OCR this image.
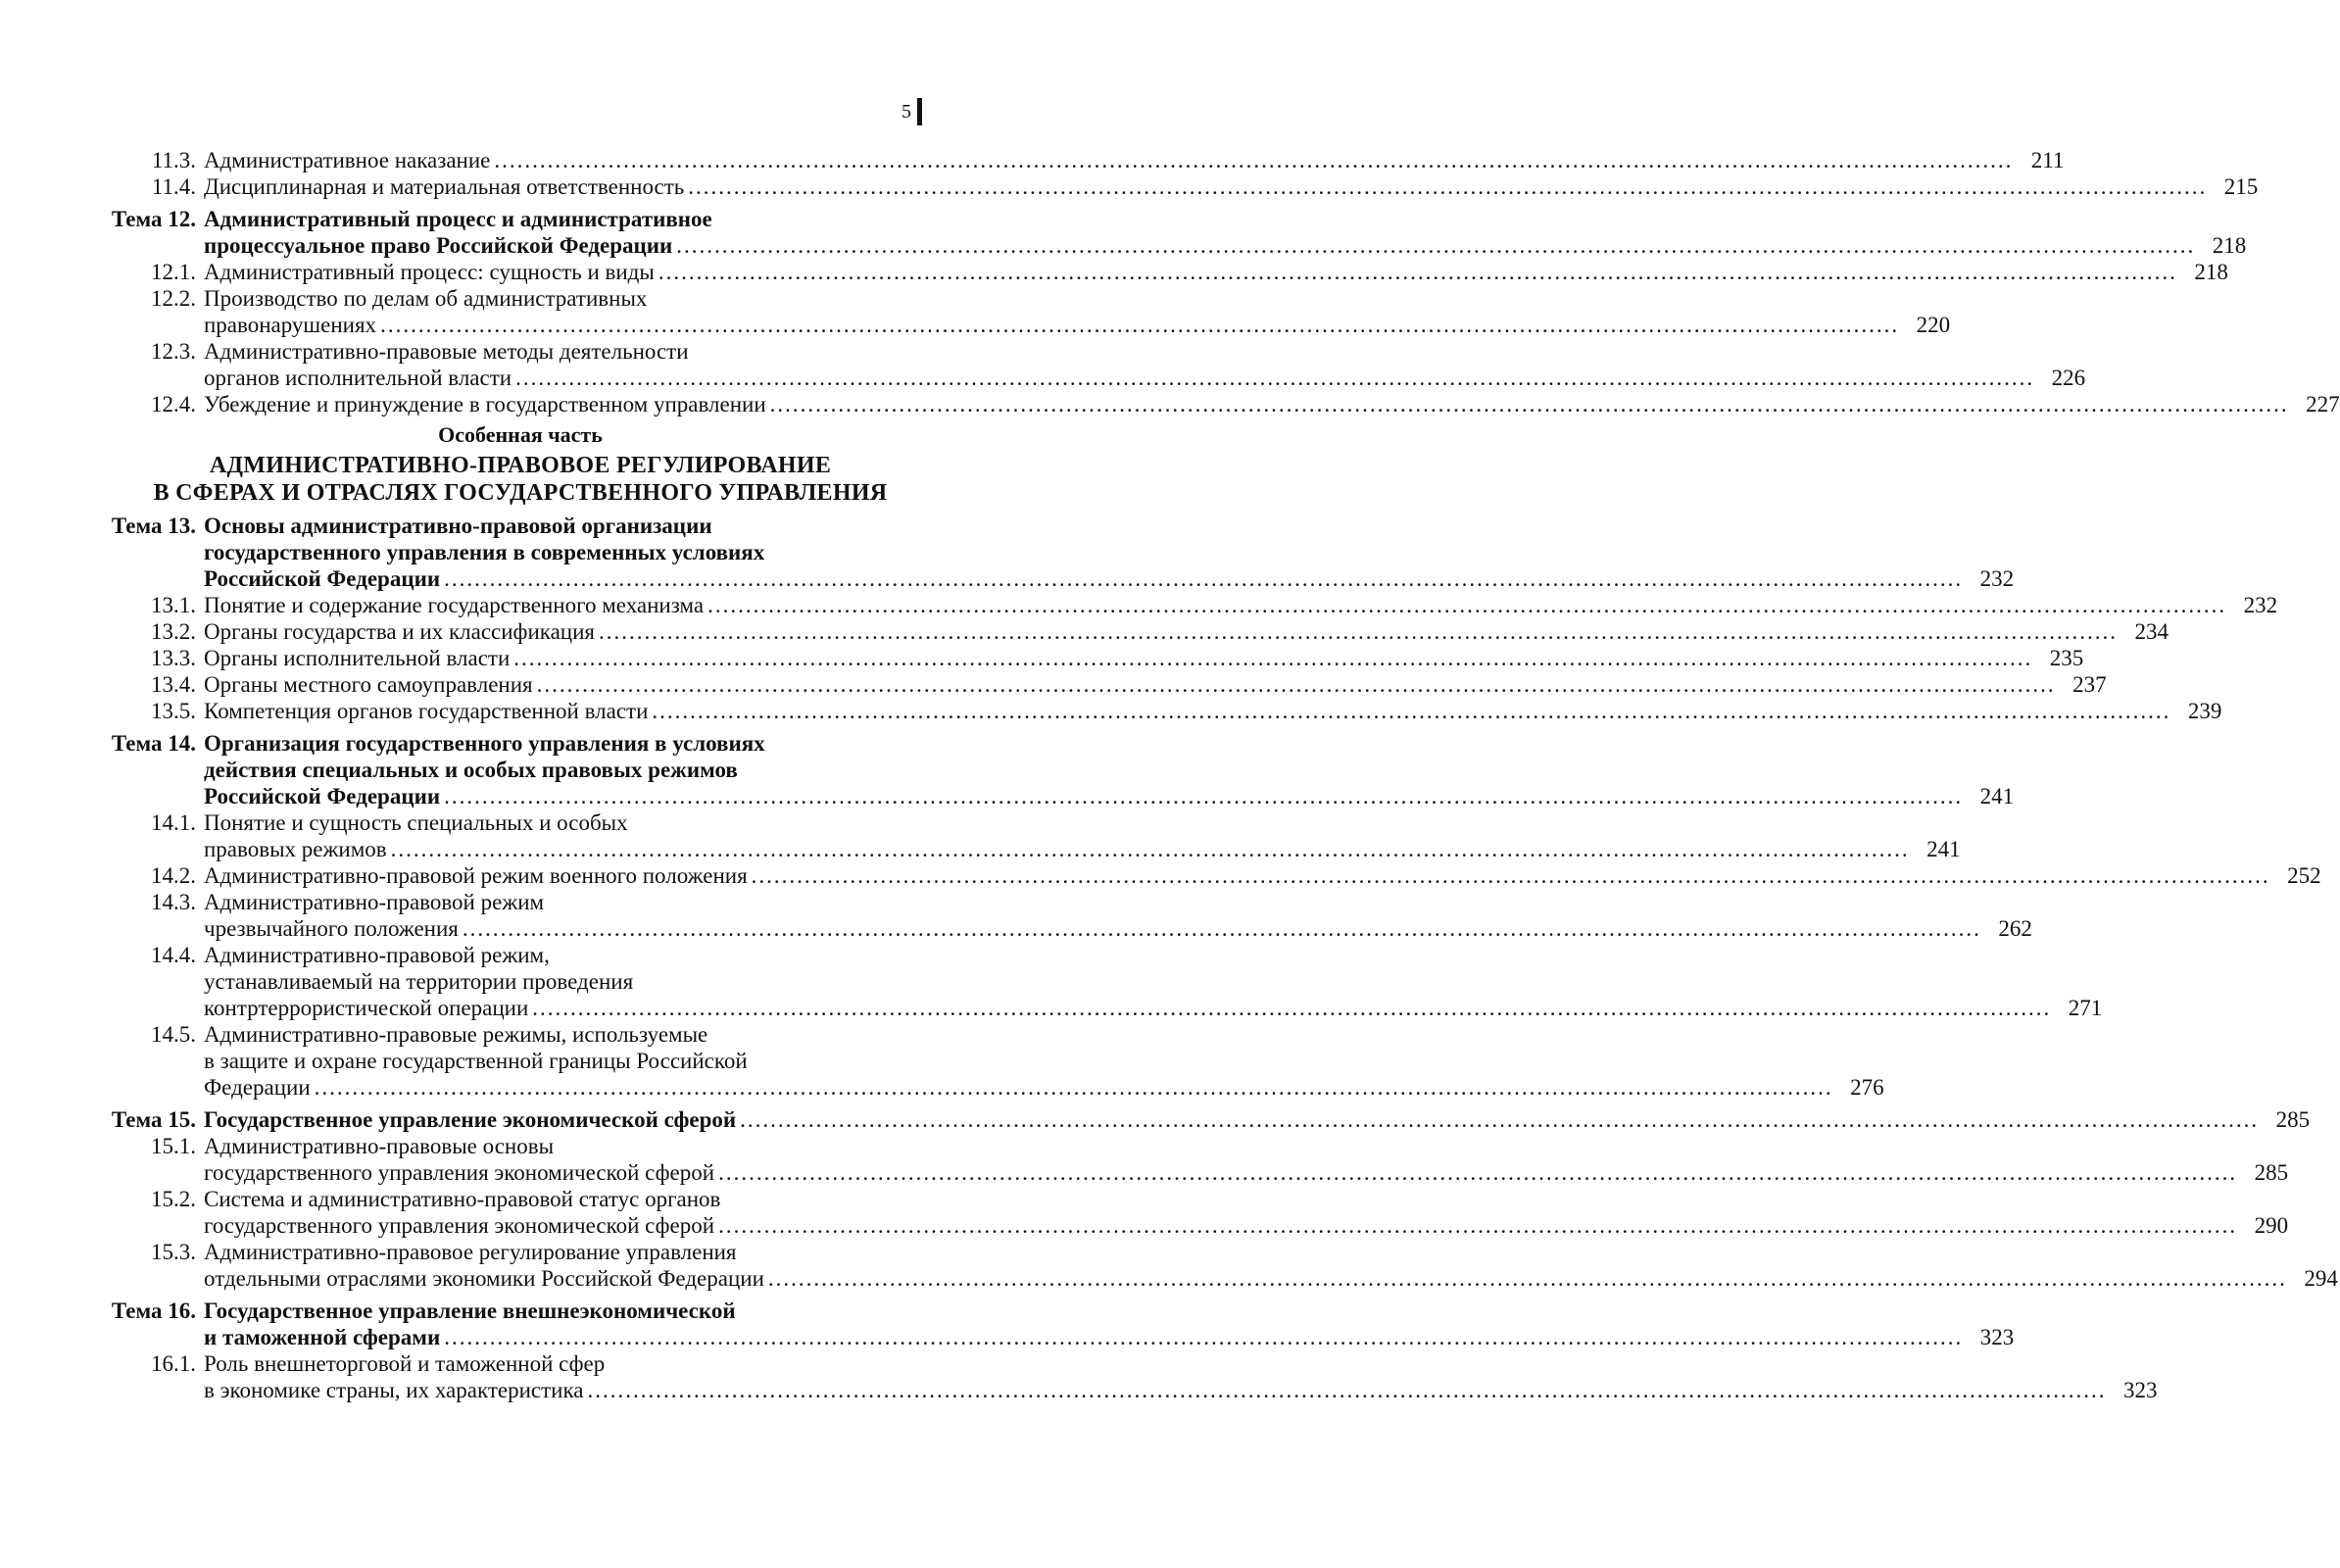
5
11.3. Административное наказание ........................................................................................................................................................................................................ 211
11.4. Дисциплинарная и материальная ответственность ........................................................................................................................................................................................................ 215
Тема 12. Административный процесс и административное
процессуальное право Российской Федерации ........................................................................................................................................................................................................ 218
12.1. Административный процесс: сущность и виды ........................................................................................................................................................................................................ 218
12.2. Производство по делам об административных
правонарушениях ........................................................................................................................................................................................................ 220
12.3. Административно-правовые методы деятельности
органов исполнительной власти ........................................................................................................................................................................................................ 226
12.4. Убеждение и принуждение в государственном управлении ........................................................................................................................................................................................................ 227
Особенная часть
АДМИНИСТРАТИВНО-ПРАВОВОЕ РЕГУЛИРОВАНИЕ
В СФЕРАХ И ОТРАСЛЯХ ГОСУДАРСТВЕННОГО УПРАВЛЕНИЯ
Тема 13. Основы административно-правовой организации
государственного управления в современных условиях
Российской Федерации ........................................................................................................................................................................................................ 232
13.1. Понятие и содержание государственного механизма ........................................................................................................................................................................................................ 232
13.2. Органы государства и их классификация ........................................................................................................................................................................................................ 234
13.3. Органы исполнительной власти ........................................................................................................................................................................................................ 235
13.4. Органы местного самоуправления ........................................................................................................................................................................................................ 237
13.5. Компетенция органов государственной власти ........................................................................................................................................................................................................ 239
Тема 14. Организация государственного управления в условиях
действия специальных и особых правовых режимов
Российской Федерации ........................................................................................................................................................................................................ 241
14.1. Понятие и сущность специальных и особых
правовых режимов ........................................................................................................................................................................................................ 241
14.2. Административно-правовой режим военного положения ........................................................................................................................................................................................................ 252
14.3. Административно-правовой режим
чрезвычайного положения ........................................................................................................................................................................................................ 262
14.4. Административно-правовой режим,
устанавливаемый на территории проведения
контртеррористической операции ........................................................................................................................................................................................................ 271
14.5. Административно-правовые режимы, используемые
в защите и охране государственной границы Российской
Федерации ........................................................................................................................................................................................................ 276
Тема 15. Государственное управление экономической сферой ........................................................................................................................................................................................................ 285
15.1. Административно-правовые основы
государственного управления экономической сферой ........................................................................................................................................................................................................ 285
15.2. Система и административно-правовой статус органов
государственного управления экономической сферой ........................................................................................................................................................................................................ 290
15.3. Административно-правовое регулирование управления
отдельными отраслями экономики Российской Федерации ........................................................................................................................................................................................................ 294
Тема 16. Государственное управление внешнеэкономической
и таможенной сферами ........................................................................................................................................................................................................ 323
16.1. Роль внешнеторговой и таможенной сфер
в экономике страны, их характеристика ........................................................................................................................................................................................................ 323
